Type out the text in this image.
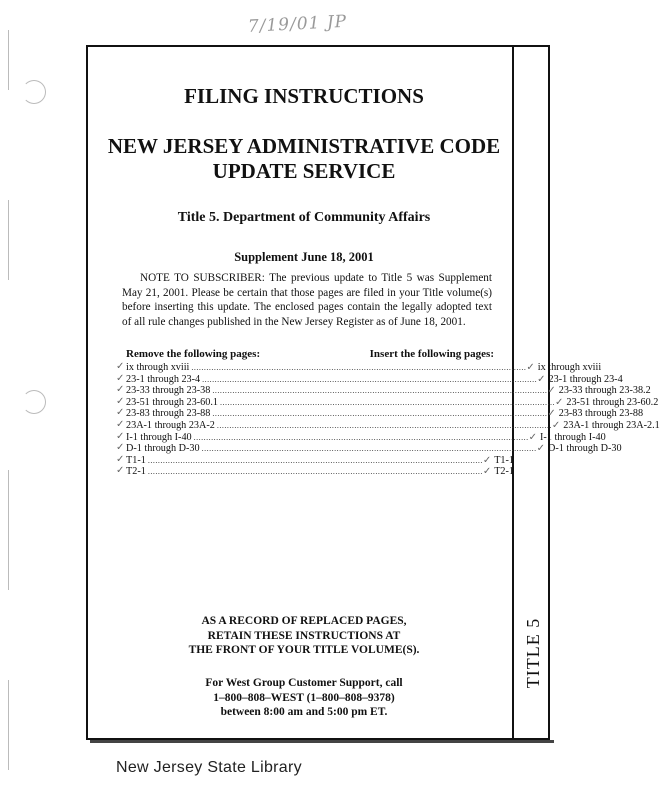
7/19/01 JP
TITLE 5
FILING INSTRUCTIONS
NEW JERSEY ADMINISTRATIVE CODE
UPDATE SERVICE
Title 5. Department of Community Affairs
Supplement June 18, 2001
NOTE TO SUBSCRIBER: The previous update to Title 5 was Supplement May 21, 2001. Please be certain that those pages are filed in your Title volume(s) before inserting this update. The enclosed pages contain the legally adopted text of all rule changes published in the New Jersey Register as of June 18, 2001.
Remove the following pages:	Insert the following pages:
✓ ix through xviii ...................................................................................................................................... ✓ ix through xviii
✓ 23-1 through 23-4 ...................................................................................................................................... ✓ 23-1 through 23-4
✓ 23-33 through 23-38 ...................................................................................................................................... ✓ 23-33 through 23-38.2
✓ 23-51 through 23-60.1 ...................................................................................................................................... ✓ 23-51 through 23-60.2
✓ 23-83 through 23-88 ...................................................................................................................................... ✓ 23-83 through 23-88
✓ 23A-1 through 23A-2 ...................................................................................................................................... ✓ 23A-1 through 23A-2.1
✓ I-1 through I-40 ...................................................................................................................................... ✓ I-1 through I-40
✓ D-1 through D-30 ...................................................................................................................................... ✓ D-1 through D-30
✓ T1-1 ...................................................................................................................................... ✓ T1-1
✓ T2-1 ...................................................................................................................................... ✓ T2-1
AS A RECORD OF REPLACED PAGES,
RETAIN THESE INSTRUCTIONS AT
THE FRONT OF YOUR TITLE VOLUME(S).
For West Group Customer Support, call
1–800–808–WEST (1–800–808–9378)
between 8:00 am and 5:00 pm ET.
New Jersey State Library
